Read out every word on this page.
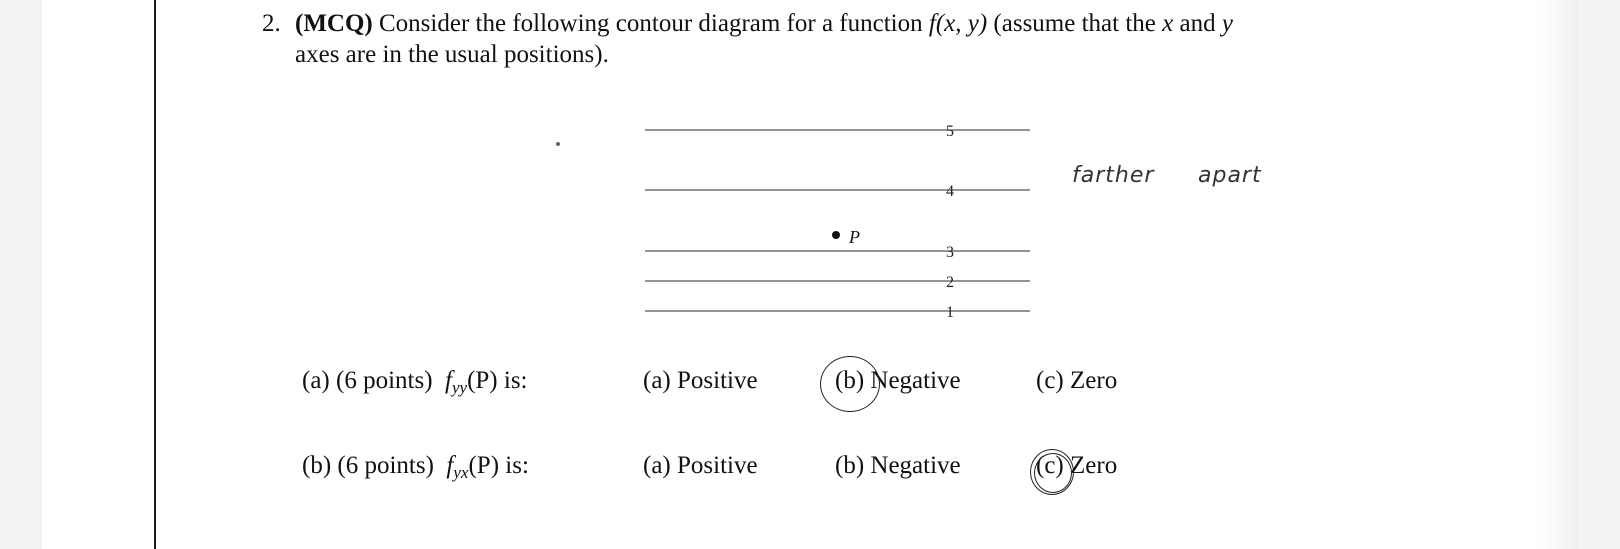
2. (MCQ) Consider the following contour diagram for a function f(x, y) (assume that the x and y
axes are in the usual positions).
5
4
3
2
1
P
farther apart
(a) (6 points) $f_{yy}(P)$ is:	(a) Positive	(b) Negative	(c) Zero
(b) (6 points) $f_{yx}(P)$ is:	(a) Positive	(b) Negative	(c) Zero
